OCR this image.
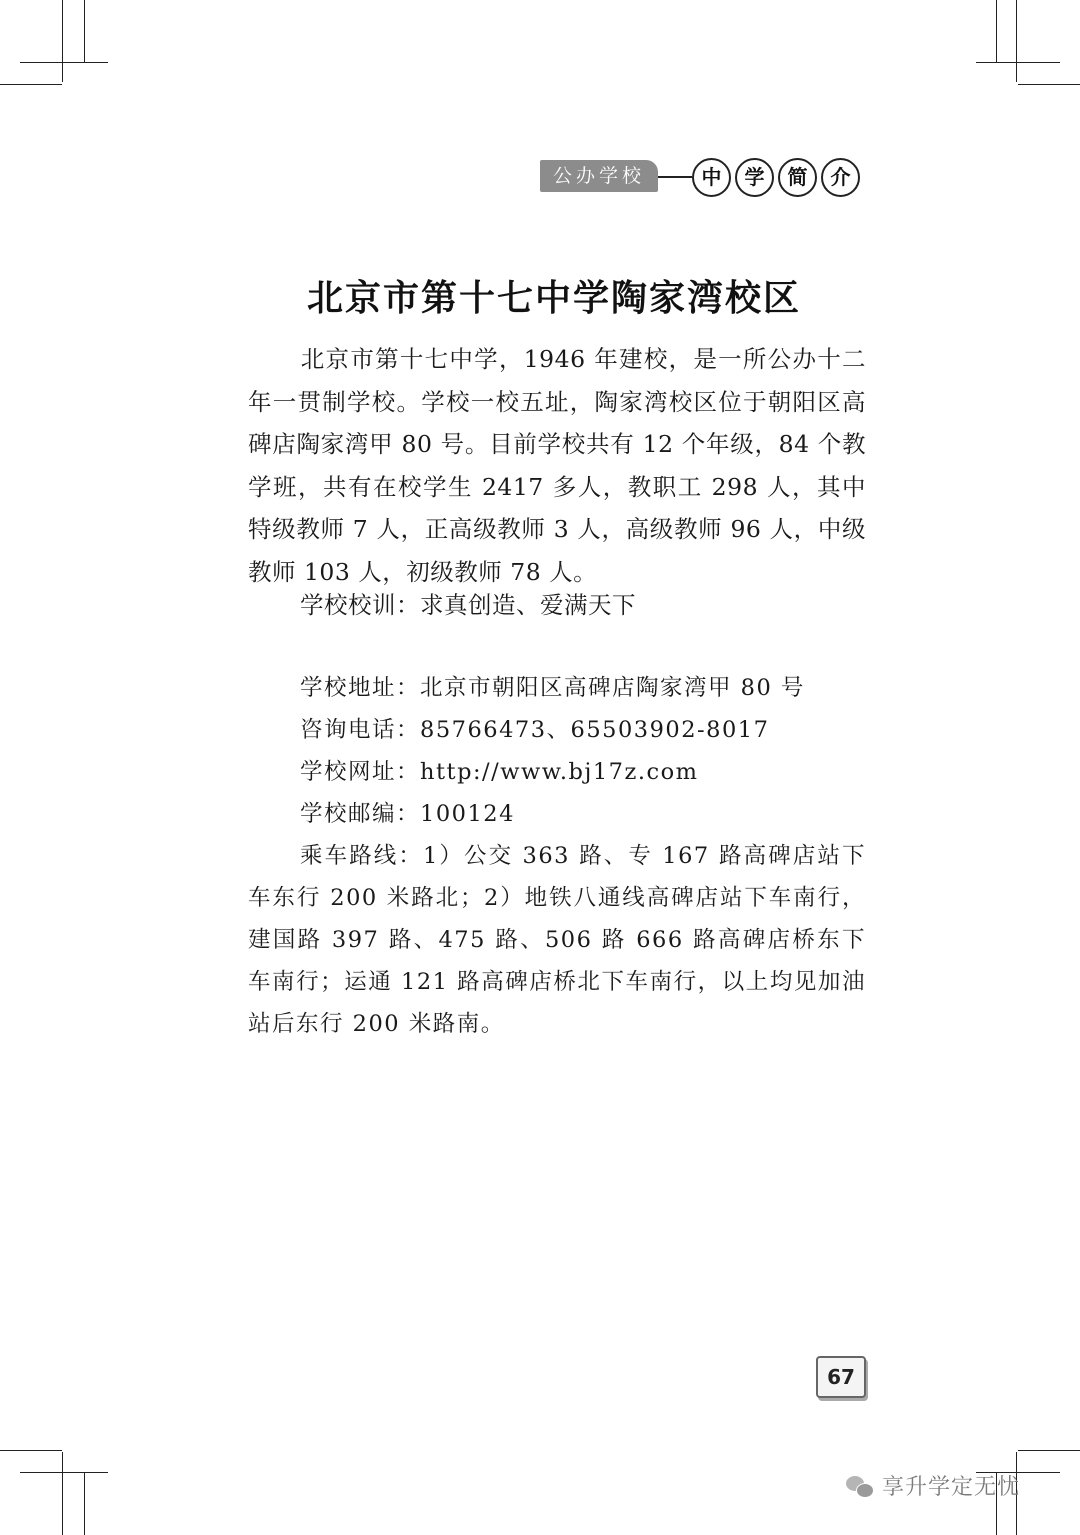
公办学校	中	学	简	介
北京市第十七中学陶家湾校区

北京市第十七中学，1946 年建校，是一所公办十二年一贯制学校。学校一校五址，陶家湾校区位于朝阳区高碑店陶家湾甲 80 号。目前学校共有 12 个年级，84 个教学班，共有在校学生 2417 多人，教职工 298 人，其中特级教师 7 人，正高级教师 3 人，高级教师 96 人，中级教师 103 人，初级教师 78 人。

学校校训：求真创造、爱满天下

学校地址：北京市朝阳区高碑店陶家湾甲 80 号
咨询电话：85766473、65503902-8017
学校网址：http://www.bj17z.com
学校邮编：100124

乘车路线：1）公交 363 路、专 167 路高碑店站下车东行 200 米路北；2）地铁八通线高碑店站下车南行，建国路 397 路、475 路、506 路 666 路高碑店桥东下车南行；运通 121 路高碑店桥北下车南行，以上均见加油站后东行 200 米路南。

67
享升学定无忧
